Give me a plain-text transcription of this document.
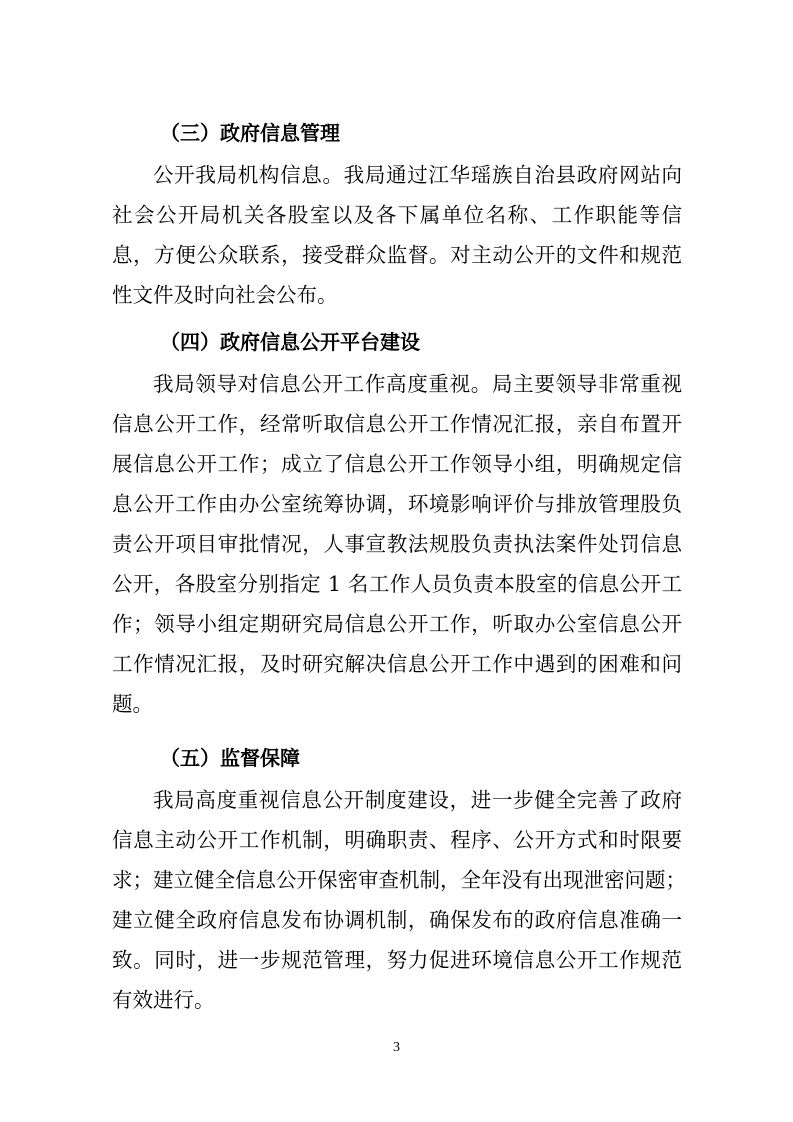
（三）政府信息管理
公开我局机构信息。我局通过江华瑶族自治县政府网站向
社会公开局机关各股室以及各下属单位名称、工作职能等信
息，方便公众联系，接受群众监督。对主动公开的文件和规范
性文件及时向社会公布。
（四）政府信息公开平台建设
我局领导对信息公开工作高度重视。局主要领导非常重视
信息公开工作，经常听取信息公开工作情况汇报，亲自布置开
展信息公开工作；成立了信息公开工作领导小组，明确规定信
息公开工作由办公室统筹协调，环境影响评价与排放管理股负
责公开项目审批情况，人事宣教法规股负责执法案件处罚信息
公开，各股室分别指定 1 名工作人员负责本股室的信息公开工
作；领导小组定期研究局信息公开工作，听取办公室信息公开
工作情况汇报，及时研究解决信息公开工作中遇到的困难和问
题。
（五）监督保障
我局高度重视信息公开制度建设，进一步健全完善了政府
信息主动公开工作机制，明确职责、程序、公开方式和时限要
求；建立健全信息公开保密审查机制，全年没有出现泄密问题；
建立健全政府信息发布协调机制，确保发布的政府信息准确一
致。同时，进一步规范管理，努力促进环境信息公开工作规范
有效进行。
3
